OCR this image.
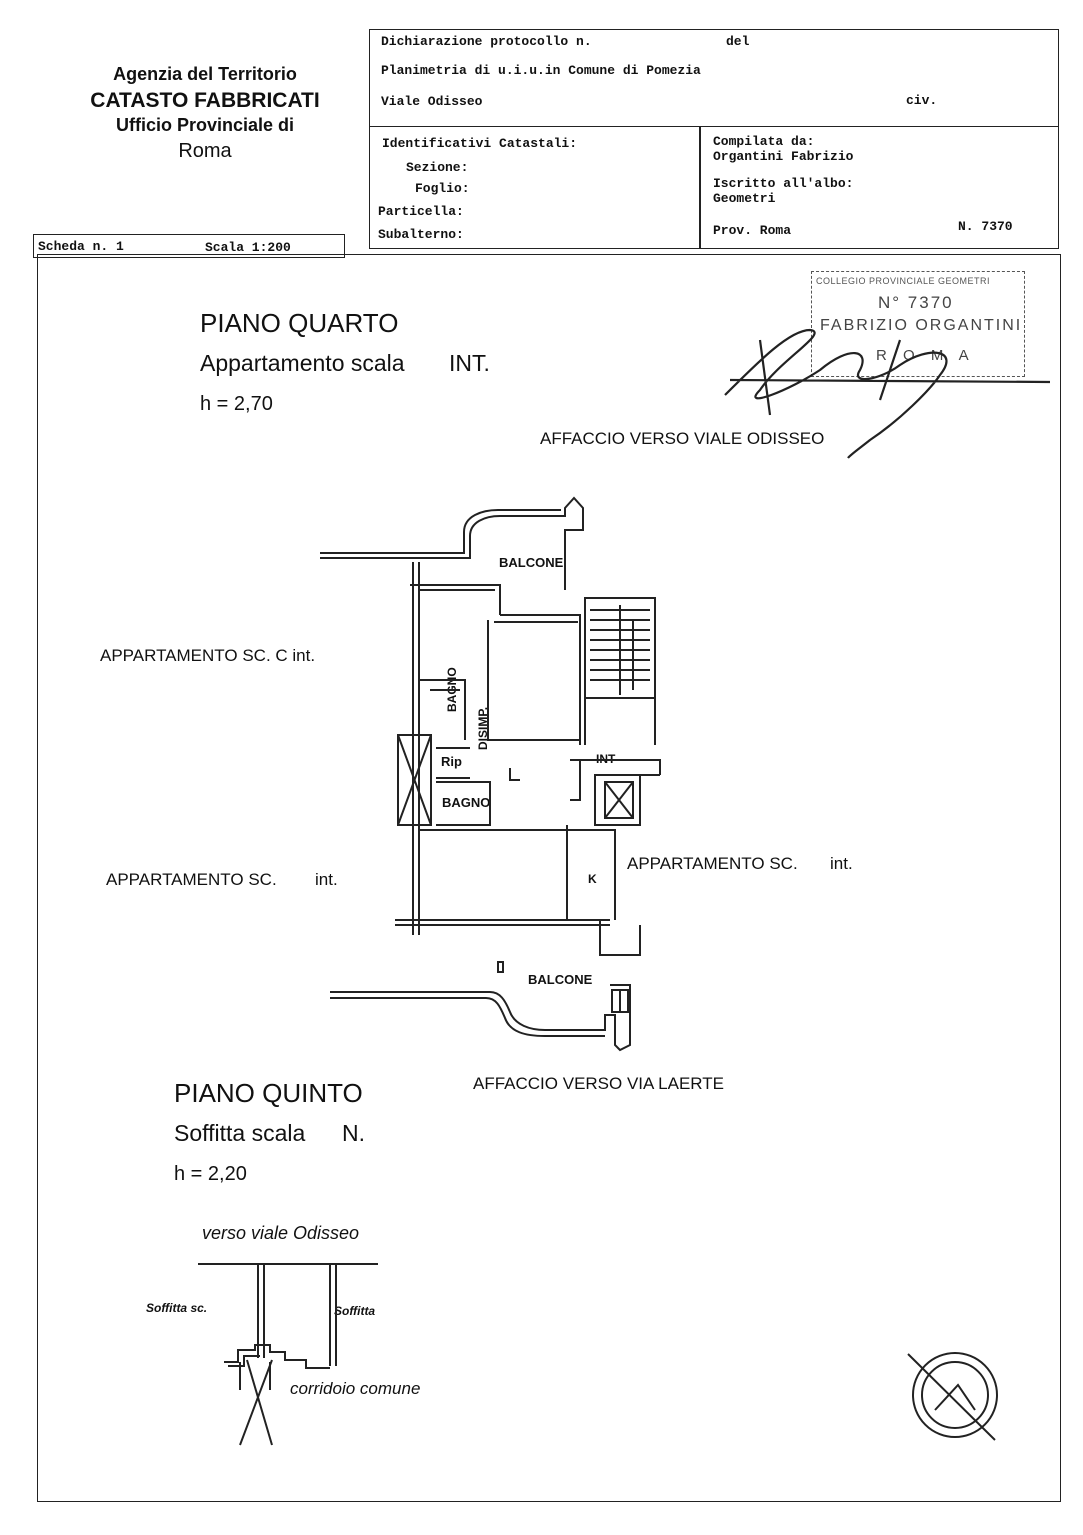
Agenzia del Territorio
CATASTO FABBRICATI
Ufficio Provinciale di
Roma
Dichiarazione protocollo n.	del
Planimetria di u.i.u.in Comune di Pomezia
Viale Odisseo	civ.
Identificativi Catastali:
Sezione:
Foglio:
Particella:
Subalterno:
Compilata da:
Organtini Fabrizio
Iscritto all'albo:
Geometri
Prov. Roma	N. 7370
Scheda n. 1	Scala 1:200
COLLEGIO PROVINCIALE GEOMETRI
N° 7370
FABRIZIO ORGANTINI
R O M A
PIANO QUARTO
Appartamento scala INT.
h = 2,70
AFFACCIO VERSO VIALE ODISSEO
BALCONE
APPARTAMENTO SC. C int.
BAGNO
DISIMP.
Rip
BAGNO
INT
APPARTAMENTO SC. int.
APPARTAMENTO SC. int.	K
BALCONE
AFFACCIO VERSO VIA LAERTE
PIANO QUINTO
Soffitta scala N.
h = 2,20
verso viale Odisseo
Soffitta sc.	Soffitta
corridoio comune
